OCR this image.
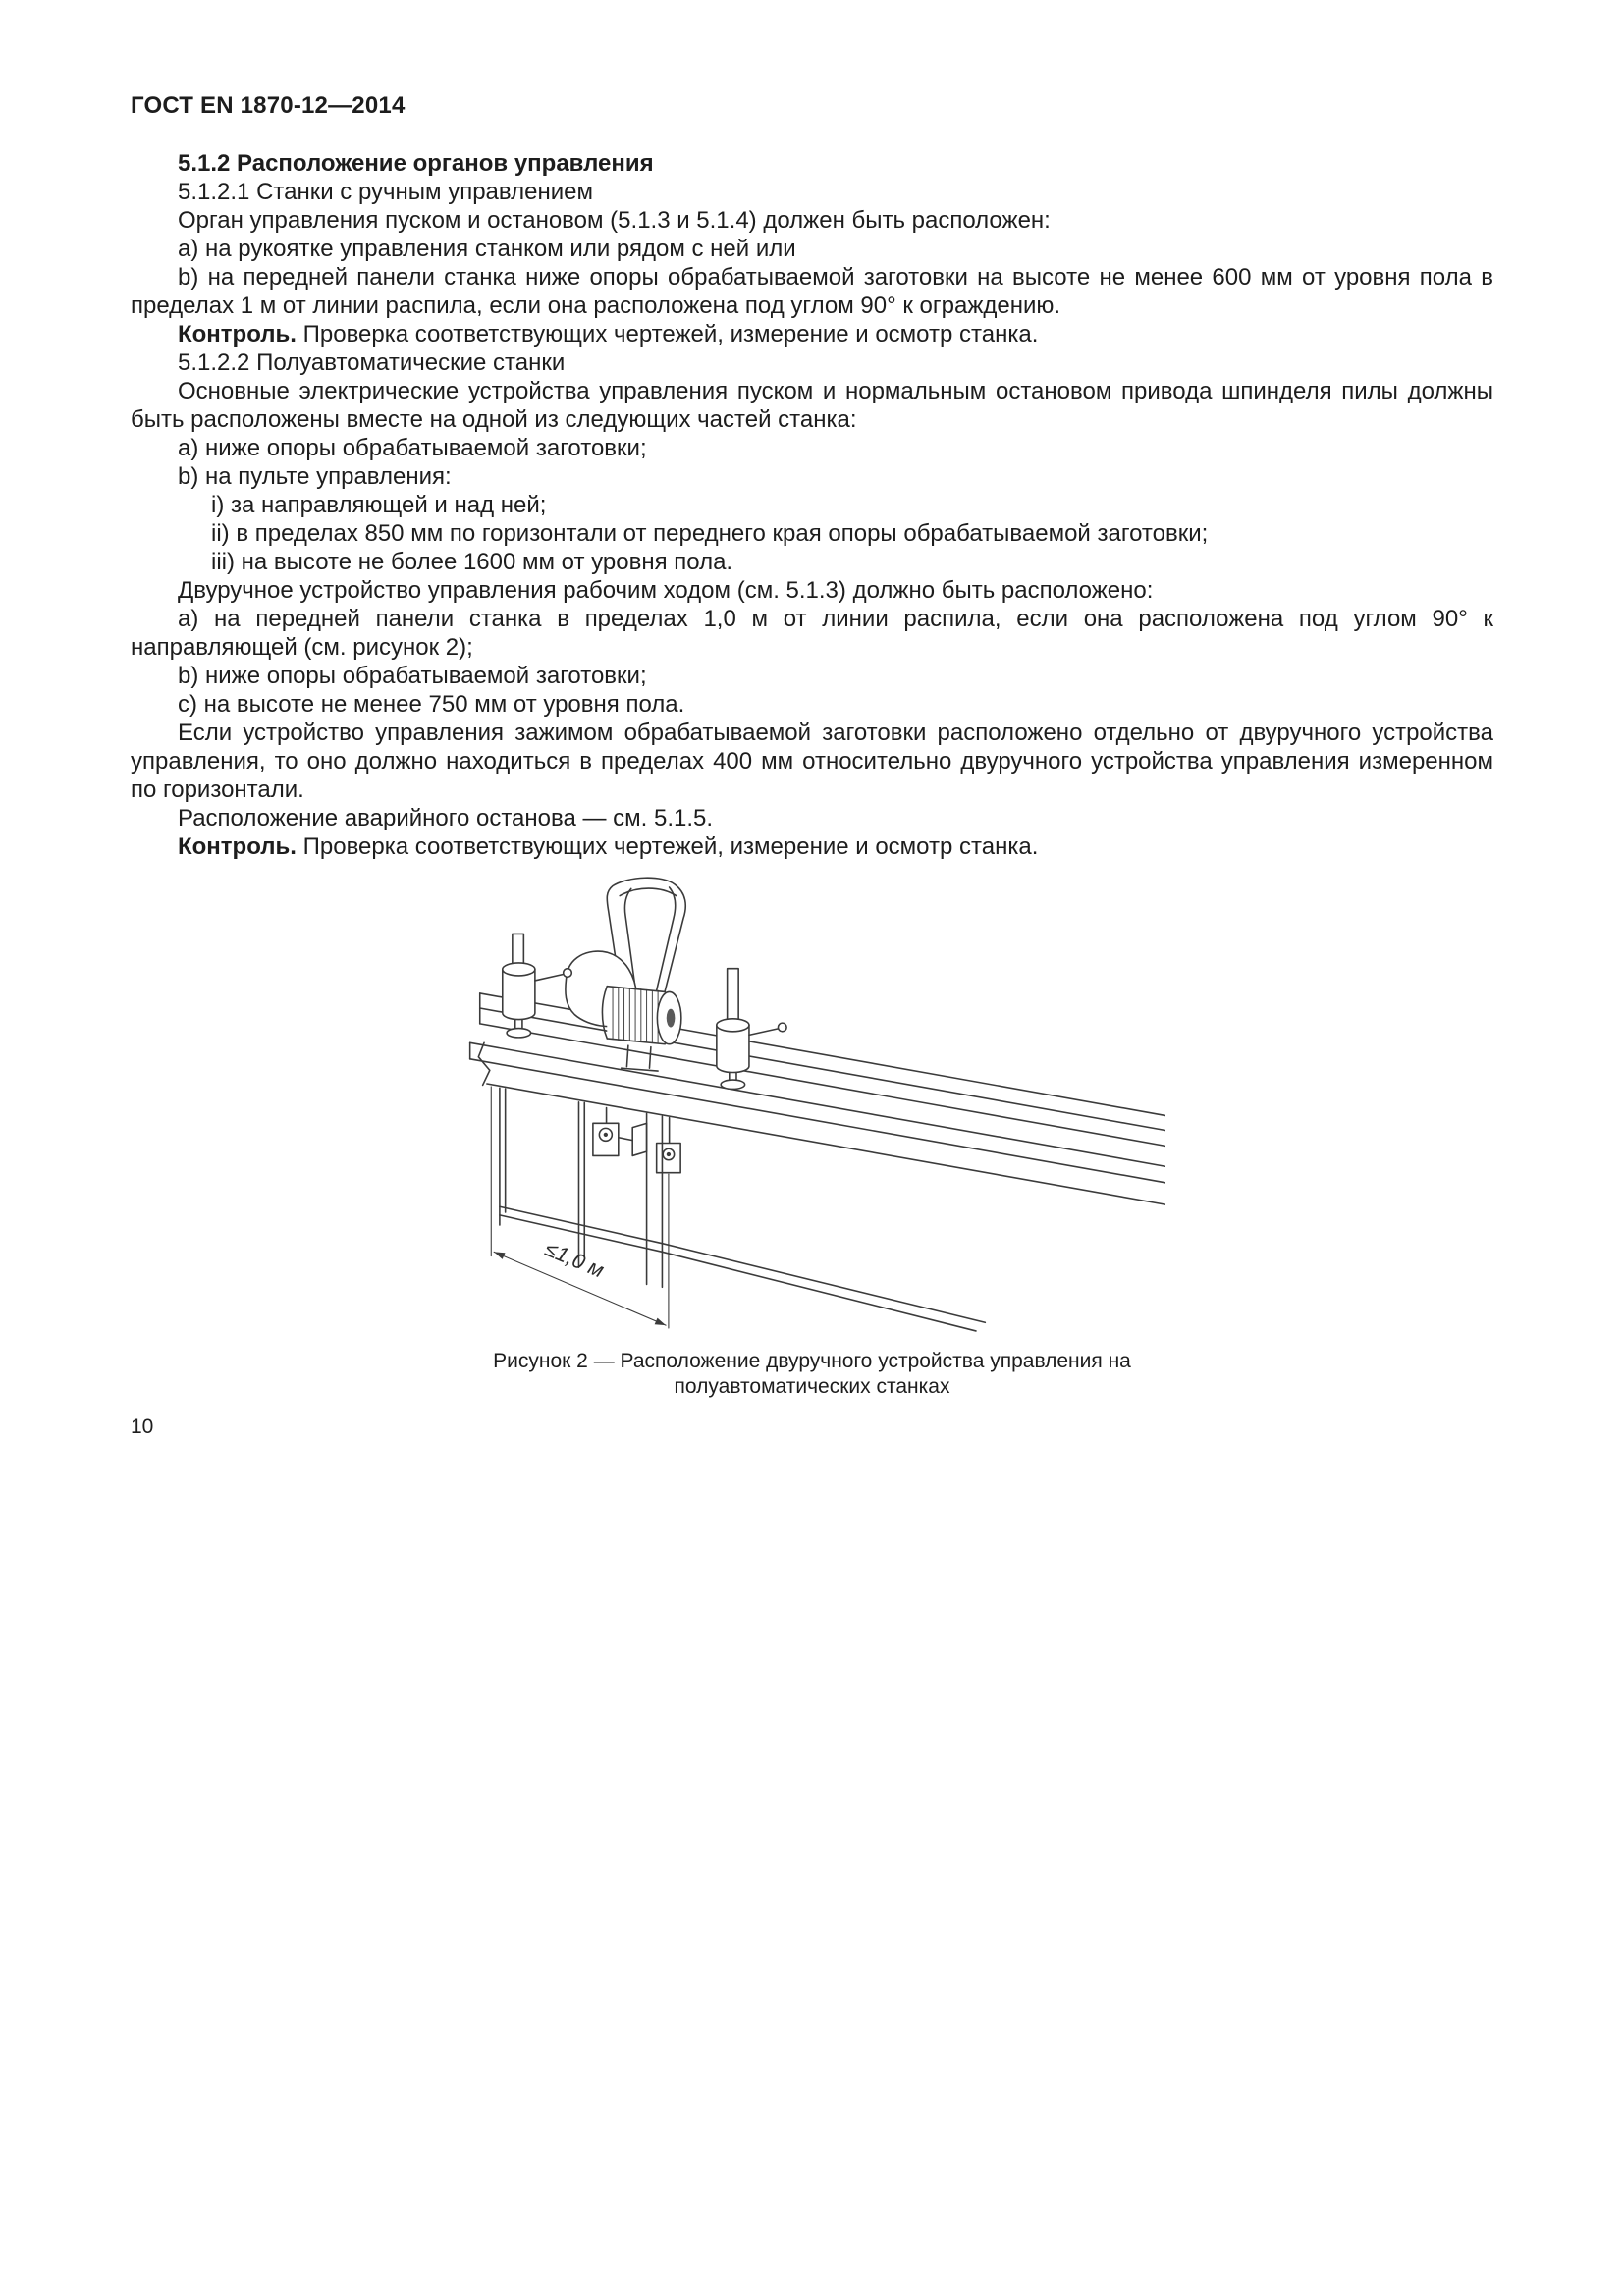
ГОСТ EN 1870-12—2014
5.1.2 Расположение органов управления
5.1.2.1 Станки с ручным управлением
Орган управления пуском и остановом (5.1.3 и 5.1.4) должен быть расположен:
a) на рукоятке управления станком или рядом с ней или
b) на передней панели станка ниже опоры обрабатываемой заготовки на высоте не менее 600 мм от уровня пола в пределах 1 м от линии распила, если она расположена под углом 90° к ограждению.
Контроль. Проверка соответствующих чертежей, измерение и осмотр станка.
5.1.2.2 Полуавтоматические станки
Основные электрические устройства управления пуском и нормальным остановом привода шпинделя пилы должны быть расположены вместе на одной из следующих частей станка:
a) ниже опоры обрабатываемой заготовки;
b) на пульте управления:
i) за направляющей и над ней;
ii) в пределах 850 мм по горизонтали от переднего края опоры обрабатываемой заготовки;
iii) на высоте не более 1600 мм от уровня пола.
Двуручное устройство управления рабочим ходом (см. 5.1.3) должно быть расположено:
a) на передней панели станка в пределах 1,0 м от линии распила, если она расположена под углом 90° к направляющей (см. рисунок 2);
b) ниже опоры обрабатываемой заготовки;
c) на высоте не менее 750 мм от уровня пола.
Если устройство управления зажимом обрабатываемой заготовки расположено отдельно от двуручного устройства управления, то оно должно находиться в пределах 400 мм относительно двуручного устройства управления измеренном по горизонтали.
Расположение аварийного останова — см. 5.1.5.
Контроль. Проверка соответствующих чертежей, измерение и осмотр станка.
≤1,0 м
Рисунок 2 — Расположение двуручного устройства управления на полуавтоматических станках
10
